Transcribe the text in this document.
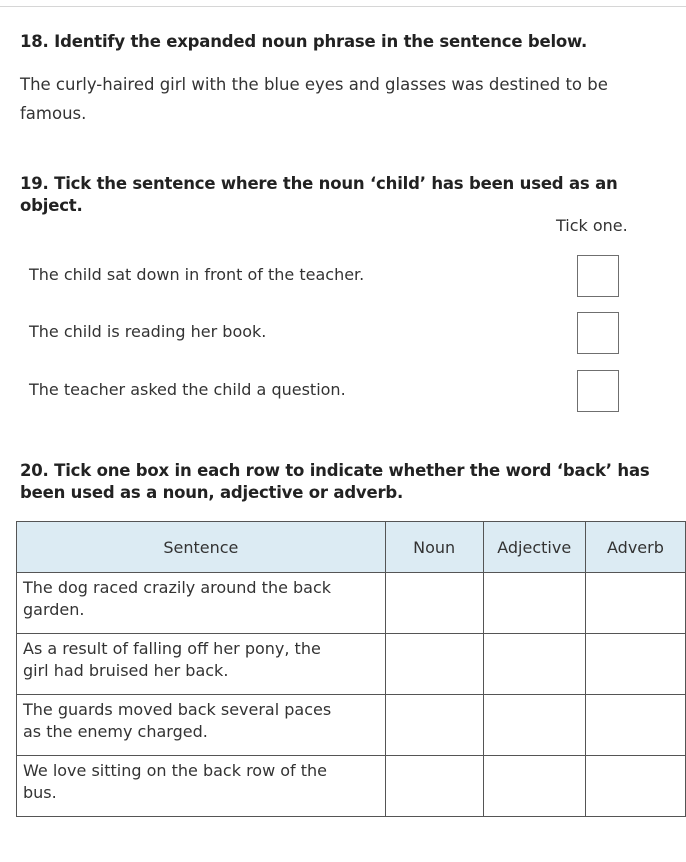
18. Identify the expanded noun phrase in the sentence below.
The curly-haired girl with the blue eyes and glasses was destined to be
famous.
19. Tick the sentence where the noun ‘child’ has been used as an
object.
Tick one.
The child sat down in front of the teacher.
The child is reading her book.
The teacher asked the child a question.
20. Tick one box in each row to indicate whether the word ‘back’ has
been used as a noun, adjective or adverb.
Sentence	Noun	Adjective	Adverb

The dog raced crazily around the back
garden.			

As a result of falling off her pony, the
girl had bruised her back.			

The guards moved back several paces
as the enemy charged.			

We love sitting on the back row of the
bus.			
